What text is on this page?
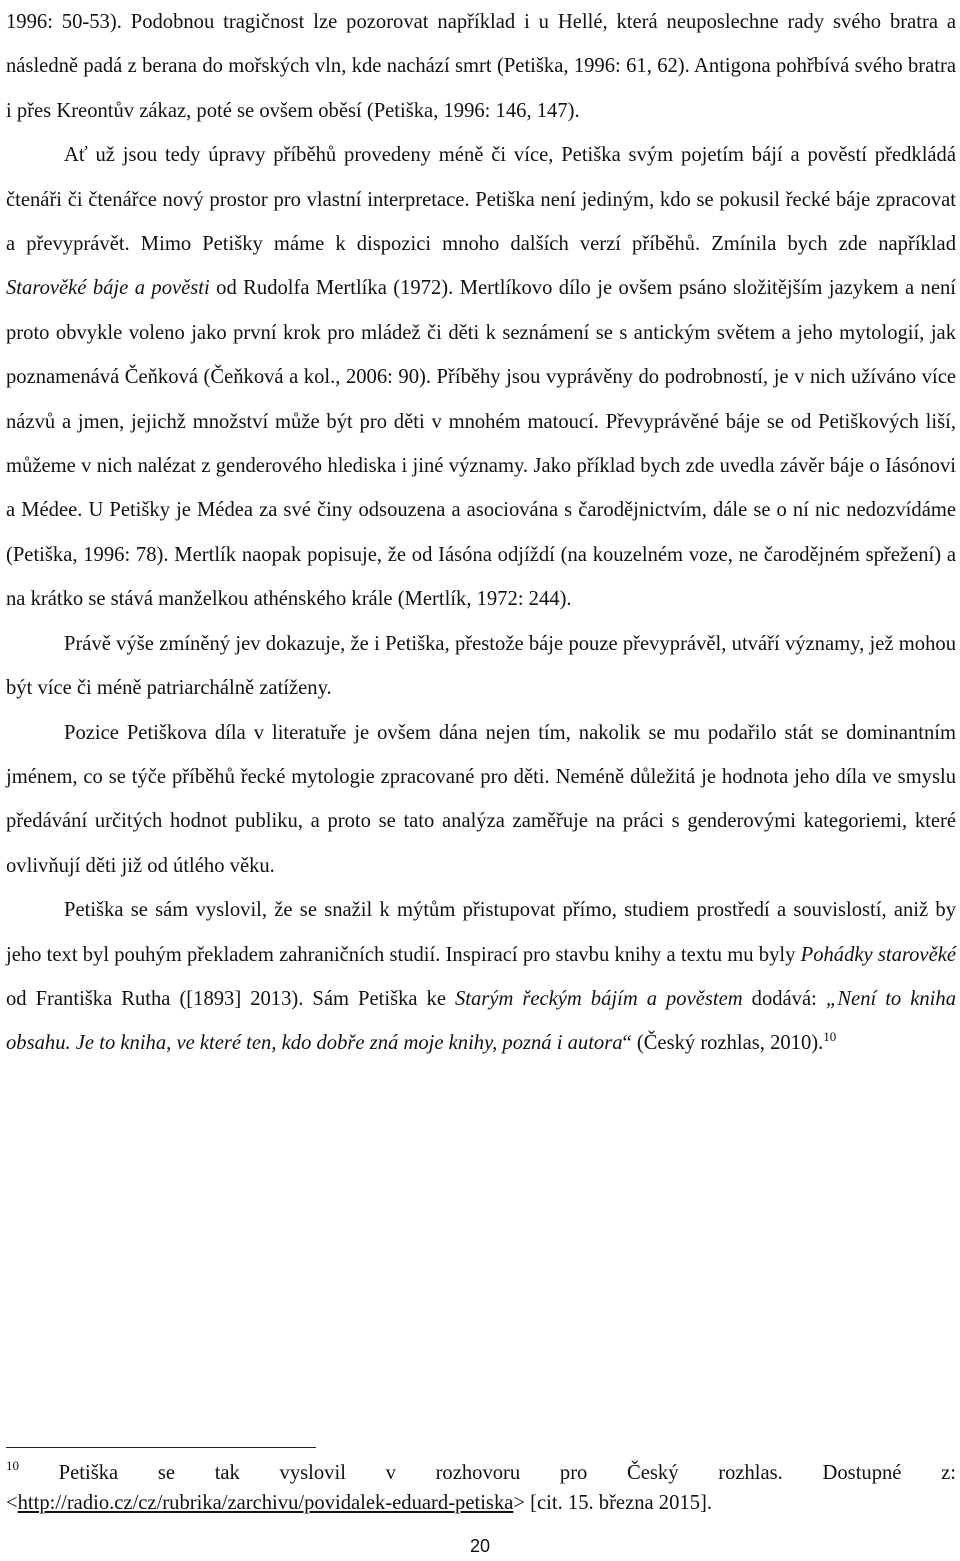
1996: 50-53). Podobnou tragičnost lze pozorovat například i u Hellé, která neuposlechne rady svého bratra a následně padá z berana do mořských vln, kde nachází smrt (Petiška, 1996: 61, 62). Antigona pohřbívá svého bratra i přes Kreontův zákaz, poté se ovšem oběsí (Petiška, 1996: 146, 147).

Ať už jsou tedy úpravy příběhů provedeny méně či více, Petiška svým pojetím bájí a pověstí předkládá čtenáři či čtenářce nový prostor pro vlastní interpretace. Petiška není jediným, kdo se pokusil řecké báje zpracovat a převyprávět. Mimo Petišky máme k dispozici mnoho dalších verzí příběhů. Zmínila bych zde například Starověké báje a pověsti od Rudolfa Mertlíka (1972). Mertlíkovo dílo je ovšem psáno složitějším jazykem a není proto obvykle voleno jako první krok pro mládež či děti k seznámení se s antickým světem a jeho mytologií, jak poznamenává Čeňková (Čeňková a kol., 2006: 90). Příběhy jsou vyprávěny do podrobností, je v nich užíváno více názvů a jmen, jejichž množství může být pro děti v mnohém matoucí. Převyprávěné báje se od Petiškových liší, můžeme v nich nalézat z genderového hlediska i jiné významy. Jako příklad bych zde uvedla závěr báje o Iásónovi a Médee. U Petišky je Médea za své činy odsouzena a asociována s čarodějnictvím, dále se o ní nic nedozvídáme (Petiška, 1996: 78). Mertlík naopak popisuje, že od Iásóna odjíždí (na kouzelném voze, ne čarodějném spřežení) a na krátko se stává manželkou athénského krále (Mertlík, 1972: 244).

Právě výše zmíněný jev dokazuje, že i Petiška, přestože báje pouze převyprávěl, utváří významy, jež mohou být více či méně patriarchálně zatíženy.

Pozice Petiškova díla v literatuře je ovšem dána nejen tím, nakolik se mu podařilo stát se dominantním jménem, co se týče příběhů řecké mytologie zpracované pro děti. Neméně důležitá je hodnota jeho díla ve smyslu předávání určitých hodnot publiku, a proto se tato analýza zaměřuje na práci s genderovými kategoriemi, které ovlivňují děti již od útlého věku.

Petiška se sám vyslovil, že se snažil k mýtům přistupovat přímo, studiem prostředí a souvislostí, aniž by jeho text byl pouhým překladem zahraničních studií. Inspirací pro stavbu knihy a textu mu byly Pohádky starověké od Františka Rutha ([1893] 2013). Sám Petiška ke Starým řeckým bájím a pověstem dodává: „Není to kniha obsahu. Je to kniha, ve které ten, kdo dobře zná moje knihy, pozná i autora“ (Český rozhlas, 2010).$^{10}$

$^{10}$ Petiška se tak vyslovil v rozhovoru pro Český rozhlas. Dostupné z: <http://radio.cz/cz/rubrika/zarchivu/povidalek-eduard-petiska> [cit. 15. března 2015].
20
